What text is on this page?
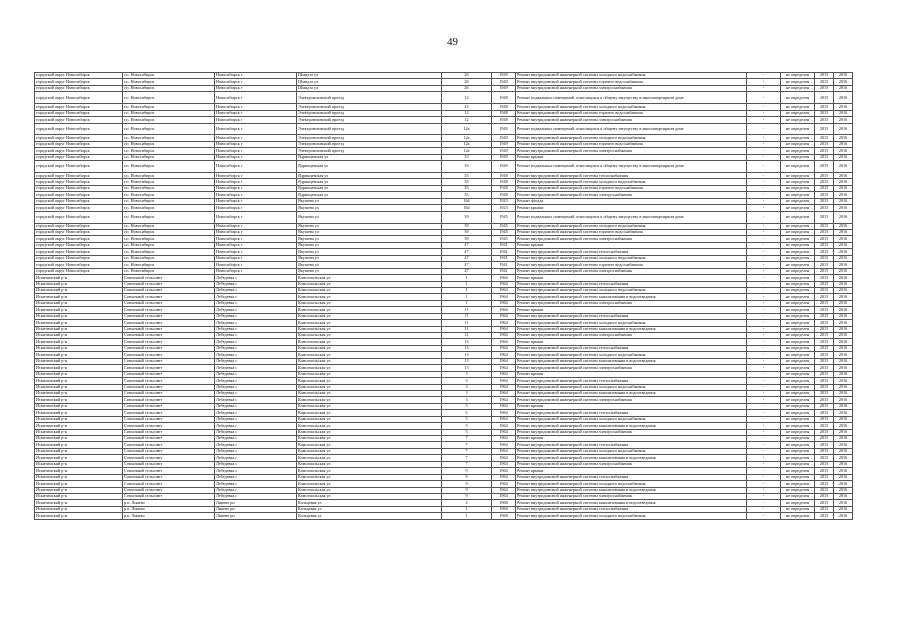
49
городской округ Новосибирск	г.п. Новосибирск	Новосибирск г	Шмидта ул	26	1949	Ремонт внутридомовой инженерной системы холодного водоснабжения	-	не определен	2015	2016
городской округ Новосибирск	г.п. Новосибирск	Новосибирск г	Шмидта ул	26	1949	Ремонт внутридомовой инженерной системы горячего водоснабжения	-	не определен	2015	2016
городской округ Новосибирск	г.п. Новосибирск	Новосибирск г	Шмидта ул	26	1949	Ремонт внутридомовой инженерной системы электроснабжения	-	не определен	2015	2016
городской округ Новосибирск	г.п. Новосибирск	Новосибирск г	Электровозовский проезд	12	1948	Ремонт подвальных помещений, относящихся к общему имуществу в многоквартирном доме	-	не определен	2015	2016
городской округ Новосибирск	г.п. Новосибирск	Новосибирск г	Электровозовский проезд	12	1948	Ремонт внутридомовой инженерной системы холодного водоснабжения	-	не определен	2015	2016
городской округ Новосибирск	г.п. Новосибирск	Новосибирск г	Электровозовский проезд	12	1948	Ремонт внутридомовой инженерной системы горячего водоснабжения	-	не определен	2015	2016
городской округ Новосибирск	г.п. Новосибирск	Новосибирск г	Электровозовский проезд	12	1948	Ремонт внутридомовой инженерной системы электроснабжения	-	не определен	2015	2016
городской округ Новосибирск	г.п. Новосибирск	Новосибирск г	Электровозовский проезд	12а	1949	Ремонт подвальных помещений, относящихся к общему имуществу в многоквартирном доме	-	не определен	2015	2016
городской округ Новосибирск	г.п. Новосибирск	Новосибирск г	Электровозовский проезд	12а	1949	Ремонт внутридомовой инженерной системы холодного водоснабжения	-	не определен	2015	2016
городской округ Новосибирск	г.п. Новосибирск	Новосибирск г	Электровозовский проезд	12а	1949	Ремонт внутридомовой инженерной системы горячего водоснабжения	-	не определен	2015	2016
городской округ Новосибирск	г.п. Новосибирск	Новосибирск г	Электровозовский проезд	12а	1949	Ремонт внутридомовой инженерной системы электроснабжения	-	не определен	2015	2016
городской округ Новосибирск	г.п. Новосибирск	Новосибирск г	Ядринцевская ул	33	1949	Ремонт крыши	-	не определен	2015	2016
городской округ Новосибирск	г.п. Новосибирск	Новосибирск г	Ядринцевская ул	33	1949	Ремонт подвальных помещений, относящихся к общему имуществу в многоквартирном доме	-	не определен	2015	2016
городской округ Новосибирск	г.п. Новосибирск	Новосибирск г	Ядринцевская ул	35	1948	Ремонт внутридомовой инженерной системы теплоснабжения	-	не определен	2015	2016
городской округ Новосибирск	г.п. Новосибирск	Новосибирск г	Ядринцевская ул	35	1948	Ремонт внутридомовой инженерной системы холодного водоснабжения	-	не определен	2015	2016
городской округ Новосибирск	г.п. Новосибирск	Новосибирск г	Ядринцевская ул	35	1948	Ремонт внутридомовой инженерной системы горячего водоснабжения	-	не определен	2015	2016
городской округ Новосибирск	г.п. Новосибирск	Новосибирск г	Ядринцевская ул	35	1948	Ремонт внутридомовой инженерной системы электроснабжения	-	не определен	2015	2016
городской округ Новосибирск	г.п. Новосибирск	Новосибирск г	Якушева ул	164	1923	Ремонт фасада	-	не определен	2015	2016
городской округ Новосибирск	г.п. Новосибирск	Новосибирск г	Якушева ул	164	1923	Ремонт крыши	-	не определен	2015	2016
городской округ Новосибирск	г.п. Новосибирск	Новосибирск г	Якушева ул	39	1945	Ремонт подвальных помещений, относящихся к общему имуществу в многоквартирном доме	-	не определен	2015	2016
городской округ Новосибирск	г.п. Новосибирск	Новосибирск г	Якушева ул	39	1945	Ремонт внутридомовой инженерной системы холодного водоснабжения	-	не определен	2015	2016
городской округ Новосибирск	г.п. Новосибирск	Новосибирск г	Якушева ул	39	1945	Ремонт внутридомовой инженерной системы горячего водоснабжения	-	не определен	2015	2016
городской округ Новосибирск	г.п. Новосибирск	Новосибирск г	Якушева ул	39	1945	Ремонт внутридомовой инженерной системы электроснабжения	-	не определен	2015	2016
городской округ Новосибирск	г.п. Новосибирск	Новосибирск г	Якушева ул	47	1941	Ремонт крыши	-	не определен	2015	2016
городской округ Новосибирск	г.п. Новосибирск	Новосибирск г	Якушева ул	47	1941	Ремонт внутридомовой инженерной системы теплоснабжения	-	не определен	2015	2016
городской округ Новосибирск	г.п. Новосибирск	Новосибирск г	Якушева ул	47	1941	Ремонт внутридомовой инженерной системы холодного водоснабжения	-	не определен	2015	2016
городской округ Новосибирск	г.п. Новосибирск	Новосибирск г	Якушева ул	47	1941	Ремонт внутридомовой инженерной системы горячего водоснабжения	-	не определен	2015	2016
городской округ Новосибирск	г.п. Новосибирск	Новосибирск г	Якушева ул	47	1941	Ремонт внутридомовой инженерной системы электроснабжения	-	не определен	2015	2016
Искитимский р-н	Совхозный сельсовет	Лебедевка с	Комсомольская ул	1	1964	Ремонт крыши	-	не определен	2015	2016
Искитимский р-н	Совхозный сельсовет	Лебедевка с	Комсомольская ул	1	1964	Ремонт внутридомовой инженерной системы теплоснабжения	-	не определен	2015	2016
Искитимский р-н	Совхозный сельсовет	Лебедевка с	Комсомольская ул	1	1964	Ремонт внутридомовой инженерной системы холодного водоснабжения	-	не определен	2015	2016
Искитимский р-н	Совхозный сельсовет	Лебедевка с	Комсомольская ул	1	1964	Ремонт внутридомовой инженерной системы канализования и водоотведения	-	не определен	2015	2016
Искитимский р-н	Совхозный сельсовет	Лебедевка с	Комсомольская ул	1	1964	Ремонт внутридомовой инженерной системы электроснабжения	-	не определен	2015	2016
Искитимский р-н	Совхозный сельсовет	Лебедевка с	Комсомольская ул	11	1964	Ремонт крыши	-	не определен	2015	2016
Искитимский р-н	Совхозный сельсовет	Лебедевка с	Комсомольская ул	11	1964	Ремонт внутридомовой инженерной системы теплоснабжения	-	не определен	2015	2016
Искитимский р-н	Совхозный сельсовет	Лебедевка с	Комсомольская ул	11	1964	Ремонт внутридомовой инженерной системы холодного водоснабжения	-	не определен	2015	2016
Искитимский р-н	Совхозный сельсовет	Лебедевка с	Комсомольская ул	11	1964	Ремонт внутридомовой инженерной системы канализования и водоотведения	-	не определен	2015	2016
Искитимский р-н	Совхозный сельсовет	Лебедевка с	Комсомольская ул	11	1964	Ремонт внутридомовой инженерной системы электроснабжения	-	не определен	2015	2016
Искитимский р-н	Совхозный сельсовет	Лебедевка с	Комсомольская ул	13	1964	Ремонт крыши	-	не определен	2015	2016
Искитимский р-н	Совхозный сельсовет	Лебедевка с	Комсомольская ул	13	1964	Ремонт внутридомовой инженерной системы теплоснабжения	-	не определен	2015	2016
Искитимский р-н	Совхозный сельсовет	Лебедевка с	Комсомольская ул	13	1964	Ремонт внутридомовой инженерной системы холодного водоснабжения	-	не определен	2015	2016
Искитимский р-н	Совхозный сельсовет	Лебедевка с	Комсомольская ул	13	1964	Ремонт внутридомовой инженерной системы канализования и водоотведения	-	не определен	2015	2016
Искитимский р-н	Совхозный сельсовет	Лебедевка с	Комсомольская ул	13	1964	Ремонт внутридомовой инженерной системы электроснабжения	-	не определен	2015	2016
Искитимский р-н	Совхозный сельсовет	Лебедевка с	Комсомольская ул	3	1964	Ремонт крыши	-	не определен	2015	2016
Искитимский р-н	Совхозный сельсовет	Лебедевка с	Комсомольская ул	3	1964	Ремонт внутридомовой инженерной системы теплоснабжения	-	не определен	2015	2016
Искитимский р-н	Совхозный сельсовет	Лебедевка с	Комсомольская ул	3	1964	Ремонт внутридомовой инженерной системы холодного водоснабжения	-	не определен	2015	2016
Искитимский р-н	Совхозный сельсовет	Лебедевка с	Комсомольская ул	3	1964	Ремонт внутридомовой инженерной системы канализования и водоотведения	-	не определен	2015	2016
Искитимский р-н	Совхозный сельсовет	Лебедевка с	Комсомольская ул	3	1964	Ремонт внутридомовой инженерной системы электроснабжения	-	не определен	2015	2016
Искитимский р-н	Совхозный сельсовет	Лебедевка с	Комсомольская ул	5	1964	Ремонт крыши	-	не определен	2015	2016
Искитимский р-н	Совхозный сельсовет	Лебедевка с	Комсомольская ул	5	1964	Ремонт внутридомовой инженерной системы теплоснабжения	-	не определен	2015	2016
Искитимский р-н	Совхозный сельсовет	Лебедевка с	Комсомольская ул	5	1964	Ремонт внутридомовой инженерной системы холодного водоснабжения	-	не определен	2015	2016
Искитимский р-н	Совхозный сельсовет	Лебедевка с	Комсомольская ул	5	1964	Ремонт внутридомовой инженерной системы канализования и водоотведения	-	не определен	2015	2016
Искитимский р-н	Совхозный сельсовет	Лебедевка с	Комсомольская ул	5	1964	Ремонт внутридомовой инженерной системы электроснабжения	-	не определен	2015	2016
Искитимский р-н	Совхозный сельсовет	Лебедевка с	Комсомольская ул	7	1964	Ремонт крыши	-	не определен	2015	2016
Искитимский р-н	Совхозный сельсовет	Лебедевка с	Комсомольская ул	7	1964	Ремонт внутридомовой инженерной системы теплоснабжения	-	не определен	2015	2016
Искитимский р-н	Совхозный сельсовет	Лебедевка с	Комсомольская ул	7	1964	Ремонт внутридомовой инженерной системы холодного водоснабжения	-	не определен	2015	2016
Искитимский р-н	Совхозный сельсовет	Лебедевка с	Комсомольская ул	7	1964	Ремонт внутридомовой инженерной системы канализования и водоотведения	-	не определен	2015	2016
Искитимский р-н	Совхозный сельсовет	Лебедевка с	Комсомольская ул	7	1964	Ремонт внутридомовой инженерной системы электроснабжения	-	не определен	2015	2016
Искитимский р-н	Совхозный сельсовет	Лебедевка с	Комсомольская ул	9	1964	Ремонт крыши	-	не определен	2015	2016
Искитимский р-н	Совхозный сельсовет	Лебедевка с	Комсомольская ул	9	1964	Ремонт внутридомовой инженерной системы теплоснабжения	-	не определен	2015	2016
Искитимский р-н	Совхозный сельсовет	Лебедевка с	Комсомольская ул	9	1964	Ремонт внутридомовой инженерной системы холодного водоснабжения	-	не определен	2015	2016
Искитимский р-н	Совхозный сельсовет	Лебедевка с	Комсомольская ул	9	1964	Ремонт внутридомовой инженерной системы канализования и водоотведения	-	не определен	2015	2016
Искитимский р-н	Совхозный сельсовет	Лебедевка с	Комсомольская ул	9	1964	Ремонт внутридомовой инженерной системы электроснабжения	-	не определен	2015	2016
Искитимский р-н	р.п. Линево	Линево рп	Кольцевая ул	2	1968	Ремонт внутридомовой инженерной системы канализования и водоотведения	-	не определен	2015	2016
Искитимский р-н	р.п. Линево	Линево рп	Кольцевая ул	1	1968	Ремонт внутридомовой инженерной системы теплоснабжения	-	не определен	2015	2016
Искитимский р-н	р.п. Линево	Линево рп	Кольцевая ул	1	1968	Ремонт внутридомовой инженерной системы холодного водоснабжения	-	не определен	2015	2016
